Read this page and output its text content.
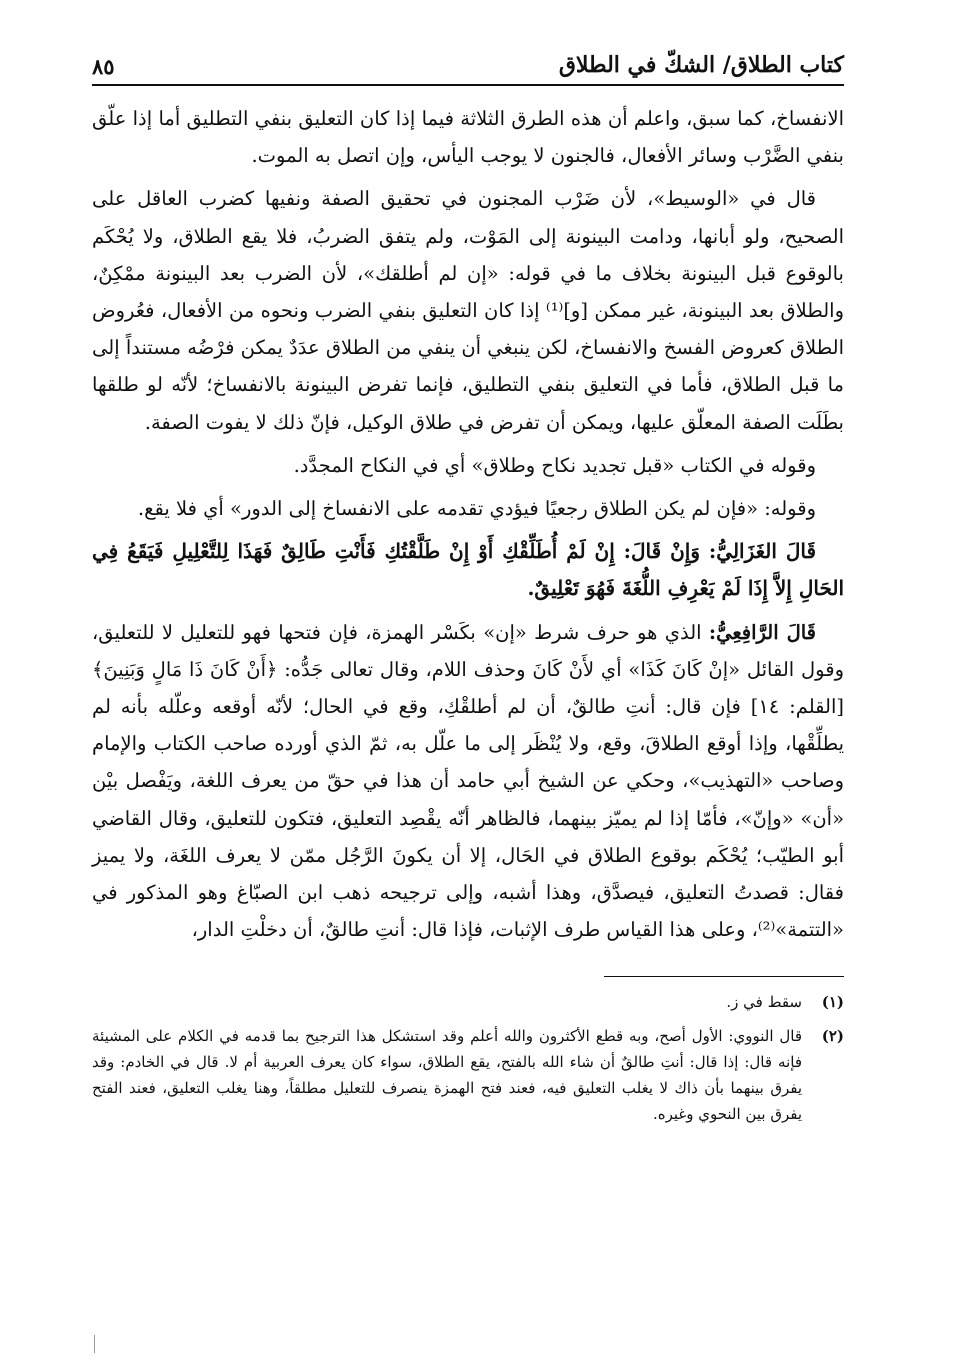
كتاب الطلاق/ الشكّ في الطلاق
٨٥

الانفساخ، كما سبق، واعلم أن هذه الطرق الثلاثة فيما إذا كان التعليق بنفي التطليق أما إذا علّق بنفي الضَّرْب وسائر الأفعال، فالجنون لا يوجب اليأس، وإن اتصل به الموت.

قال في «الوسيط»، لأن ضَرْب المجنون في تحقيق الصفة ونفيها كضرب العاقل على الصحيح، ولو أبانها، ودامت البينونة إلى المَوْت، ولم يتفق الضربُ، فلا يقع الطلاق، ولا يُحْكَم بالوقوع قبل البينونة بخلاف ما في قوله: «إن لم أطلقك»، لأن الضرب بعد البينونة ممْكِنٌ، والطلاق بعد البينونة، غير ممكن [و]⁽¹⁾ إذا كان التعليق بنفي الضرب ونحوه من الأفعال، فعُروض الطلاق كعروض الفسخ والانفساخ، لكن ينبغي أن ينفي من الطلاق عدَدٌ يمكن فرْضُه مستنداً إلى ما قبل الطلاق، فأما في التعليق بنفي التطليق، فإنما تفرض البينونة بالانفساخ؛ لأنّه لو طلقها بطَلَت الصفة المعلّق عليها، ويمكن أن تفرض في طلاق الوكيل، فإنّ ذلك لا يفوت الصفة.

وقوله في الكتاب «قبل تجديد نكاح وطلاق» أي في النكاح المجدَّد.

وقوله: «فإن لم يكن الطلاق رجعيًا فيؤدي تقدمه على الانفساخ إلى الدور» أي فلا يقع.

قَالَ الغَزَالِيُّ: وَإِنْ قَالَ: إِنْ لَمْ أُطَلِّقْكِ أَوْ إِنْ طَلَّقْتُكِ فَأَنْتِ طَالِقٌ فَهَذَا لِلتَّعْلِيلِ فَيَقَعُ فِي الحَالِ إِلاَّ إِذَا لَمْ يَعْرِفِ اللُّغَةَ فَهُوَ تَعْلِيقٌ.

قَالَ الرَّافِعِيُّ: الذي هو حرف شرط «إن» بكَسْر الهمزة، فإن فتحها فهو للتعليل لا للتعليق، وقول القائل «إنْ كَانَ كَذَا» أي لأَنْ كَانَ وحذف اللام، وقال تعالى جَدُّه: ﴿أَنْ كَانَ ذَا مَالٍ وَبَنِينَ﴾ [القلم: ١٤] فإن قال: أنتِ طالقٌ، أن لم أطلقْكِ، وقع في الحال؛ لأنّه أوقعه وعلّله بأنه لم يطلِّقْها، وإذا أوقع الطلاقَ، وقع، ولا يُنْظَر إلى ما علّل به، ثمّ الذي أورده صاحب الكتاب والإمام وصاحب «التهذيب»، وحكي عن الشيخ أبي حامد أن هذا في حقّ من يعرف اللغة، ويَفْصل بيْن «أن» «وإنّ»، فأمّا إذا لم يميّز بينهما، فالظاهر أنّه يقْصِد التعليق، فتكون للتعليق، وقال القاضي أبو الطيّب؛ يُحْكَم بوقوع الطلاق في الحَال، إلا أن يكونَ الرَّجُل ممّن لا يعرف اللغَة، ولا يميز فقال: قصدتُ التعليق، فيصدَّق، وهذا أشبه، وإلى ترجيحه ذهب ابن الصبّاغ وهو المذكور في «التتمة»⁽²⁾، وعلى هذا القياس طرف الإثبات، فإذا قال: أنتِ طالقٌ، أن دخلْتِ الدار،

(١)
سقط في ز.
(٢)
قال النووي: الأول أصح، وبه قطع الأكثرون والله أعلم وقد استشكل هذا الترجيح بما قدمه في الكلام على المشيئة فإنه قال: إذا قال: أنتِ طالقٌ أن شاء الله بالفتح، يقع الطلاق، سواء كان يعرف العربية أم لا. قال في الخادم: وقد يفرق بينهما بأن ذاك لا يغلب التعليق فيه، فعند فتح الهمزة ينصرف للتعليل مطلقاً، وهنا يغلب التعليق، فعند الفتح يفرق بين النحوي وغيره.
